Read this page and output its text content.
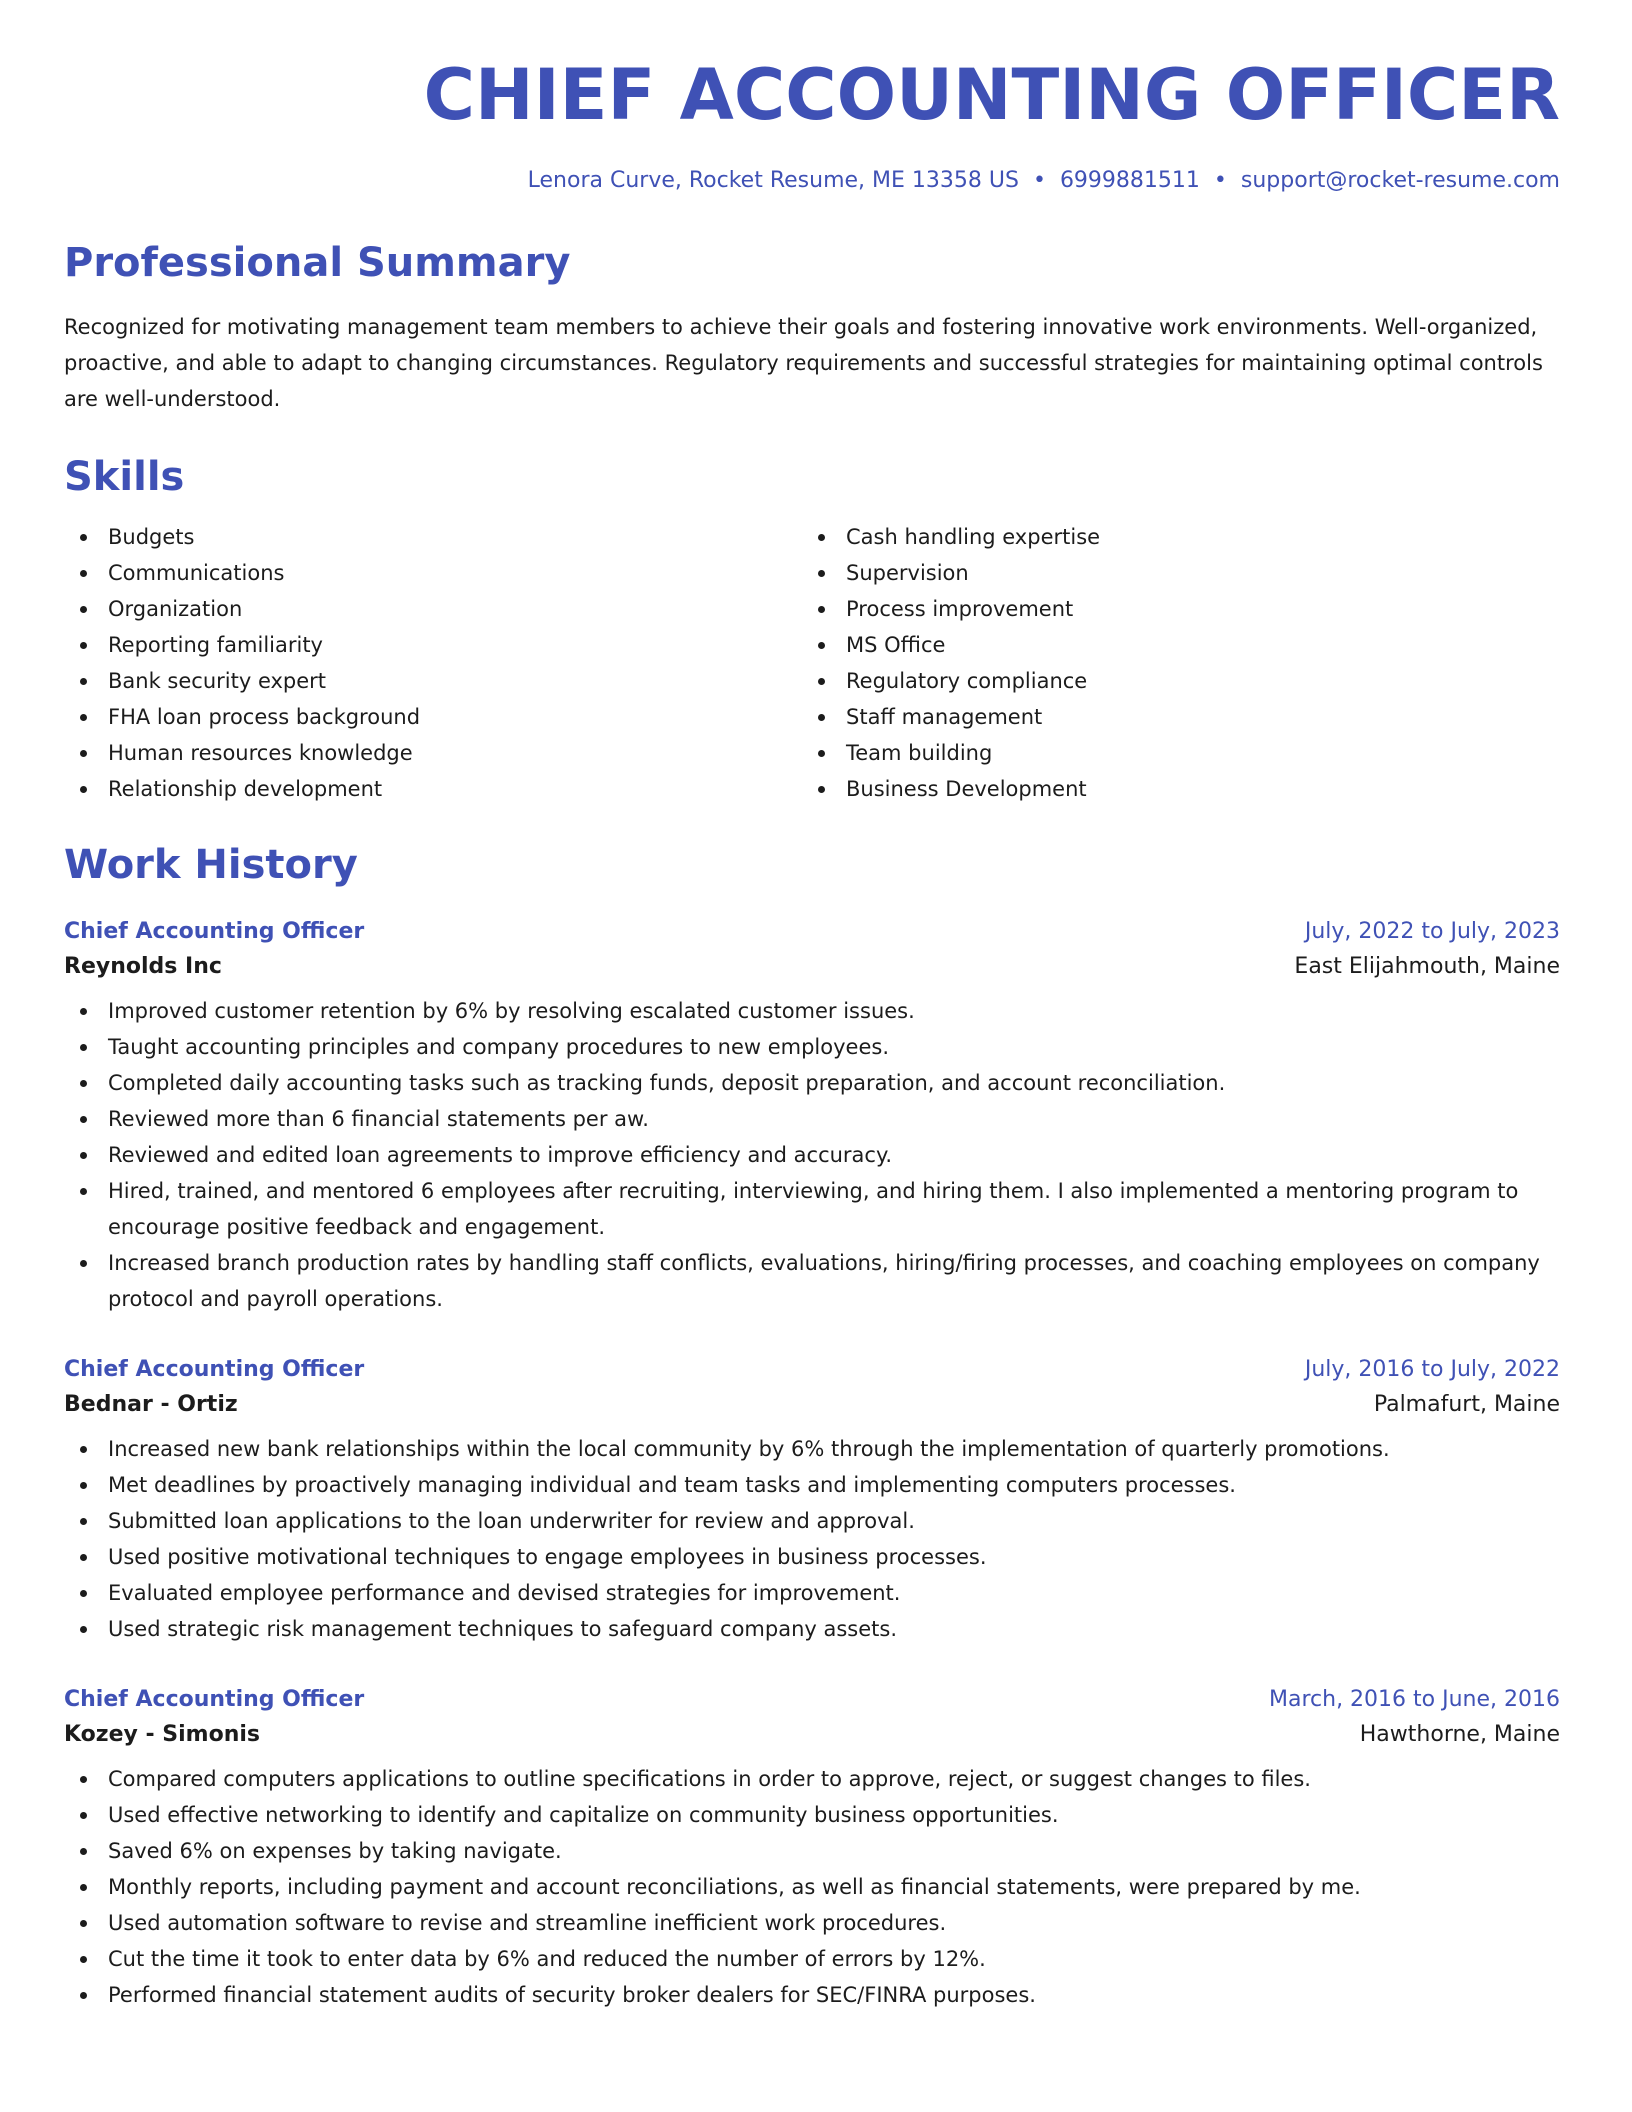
CHIEF ACCOUNTING OFFICER
Lenora Curve, Rocket Resume, ME 13358 US • 6999881511 • support@rocket-resume.com
Professional Summary

Recognized for motivating management team members to achieve their goals and fostering innovative work environments. Well-organized, proactive, and able to adapt to changing circumstances. Regulatory requirements and successful strategies for maintaining optimal controls are well-understood.

Skills
Budgets
Communications
Organization
Reporting familiarity
Bank security expert
FHA loan process background
Human resources knowledge
Relationship development
Cash handling expertise
Supervision
Process improvement
MS Office
Regulatory compliance
Staff management
Team building
Business Development
Work History
Chief Accounting Officer	July, 2022 to July, 2023
Reynolds Inc	East Elijahmouth, Maine
Improved customer retention by 6% by resolving escalated customer issues.
Taught accounting principles and company procedures to new employees.
Completed daily accounting tasks such as tracking funds, deposit preparation, and account reconciliation.
Reviewed more than 6 financial statements per aw.
Reviewed and edited loan agreements to improve efficiency and accuracy.
Hired, trained, and mentored 6 employees after recruiting, interviewing, and hiring them. I also implemented a mentoring program to encourage positive feedback and engagement.
Increased branch production rates by handling staff conflicts, evaluations, hiring/firing processes, and coaching employees on company protocol and payroll operations.
Chief Accounting Officer	July, 2016 to July, 2022
Bednar - Ortiz	Palmafurt, Maine
Increased new bank relationships within the local community by 6% through the implementation of quarterly promotions.
Met deadlines by proactively managing individual and team tasks and implementing computers processes.
Submitted loan applications to the loan underwriter for review and approval.
Used positive motivational techniques to engage employees in business processes.
Evaluated employee performance and devised strategies for improvement.
Used strategic risk management techniques to safeguard company assets.
Chief Accounting Officer	March, 2016 to June, 2016
Kozey - Simonis	Hawthorne, Maine
Compared computers applications to outline specifications in order to approve, reject, or suggest changes to files.
Used effective networking to identify and capitalize on community business opportunities.
Saved 6% on expenses by taking navigate.
Monthly reports, including payment and account reconciliations, as well as financial statements, were prepared by me.
Used automation software to revise and streamline inefficient work procedures.
Cut the time it took to enter data by 6% and reduced the number of errors by 12%.
Performed financial statement audits of security broker dealers for SEC/FINRA purposes.
